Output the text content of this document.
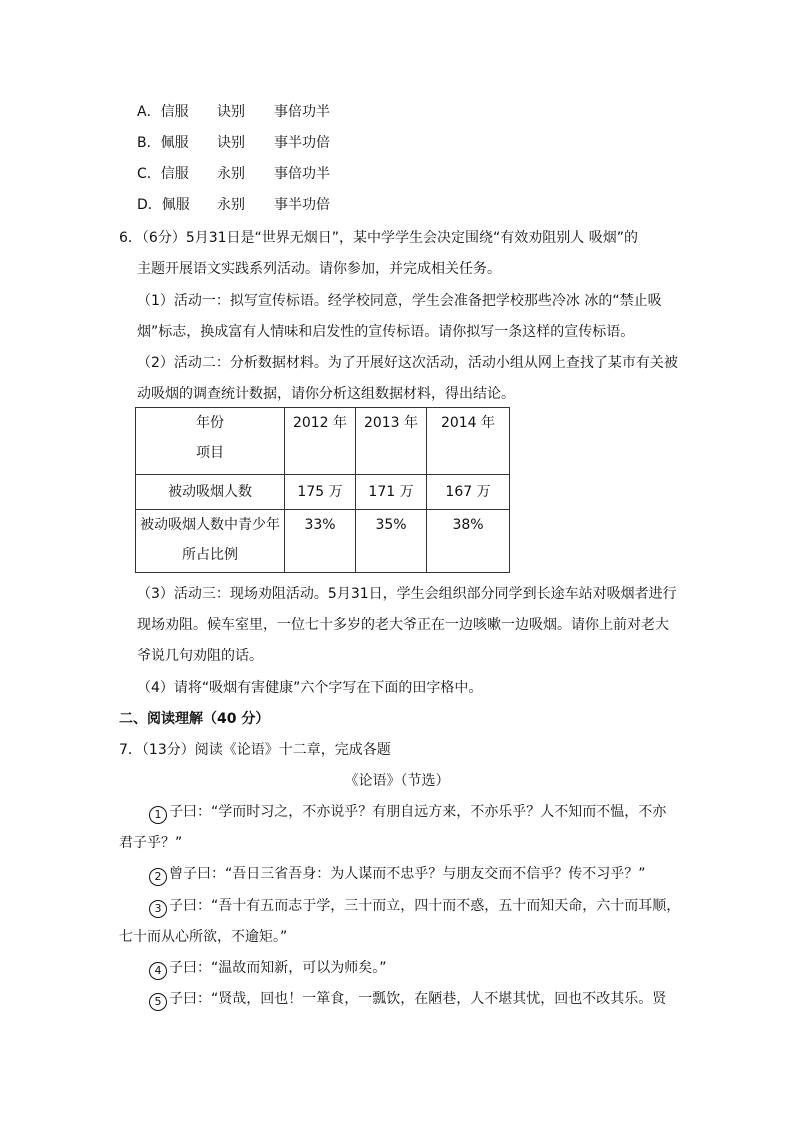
A．信服 诀别 事倍功半
B．佩服 诀别 事半功倍
C．信服 永别 事倍功半
D．佩服 永别 事半功倍
6．（6分）5月31日是“世界无烟日”，某中学学生会决定围绕“有效劝阻别人 吸烟”的
主题开展语文实践系列活动。请你参加，并完成相关任务。
（1）活动一：拟写宣传标语。经学校同意，学生会准备把学校那些冷冰 冰的“禁止吸
烟”标志，换成富有人情味和启发性的宣传标语。请你拟写一条这样的宣传标语。
（2）活动二：分析数据材料。为了开展好这次活动，活动小组从网上查找了某市有关被
动吸烟的调查统计数据，请你分析这组数据材料，得出结论。
年份
项目	2012 年	2013 年	2014 年
被动吸烟人数	175 万	171 万	167 万

被动吸烟人数中青少年
所占比例	33%	35%	38%
（3）活动三：现场劝阻活动。5月31日，学生会组织部分同学到长途车站对吸烟者进行
现场劝阻。候车室里，一位七十多岁的老大爷正在一边咳嗽一边吸烟。请你上前对老大
爷说几句劝阻的话。
（4）请将“吸烟有害健康”六个字写在下面的田字格中。
二、阅读理解（40 分）
7．（13分）阅读《论语》十二章，完成各题
《论语》（节选）
1 子曰：“学而时习之，不亦说乎？有朋自远方来，不亦乐乎？人不知而不愠，不亦
君子乎？”
2 曾子曰：“吾日三省吾身：为人谋而不忠乎？与朋友交而不信乎？传不习乎？”
3 子曰：“吾十有五而志于学，三十而立，四十而不惑，五十而知天命，六十而耳顺，
七十而从心所欲，不逾矩。”
4 子曰：“温故而知新，可以为师矣。”
5 子曰：“贤哉，回也！一箪食，一瓢饮，在陋巷，人不堪其忧，回也不改其乐。贤
